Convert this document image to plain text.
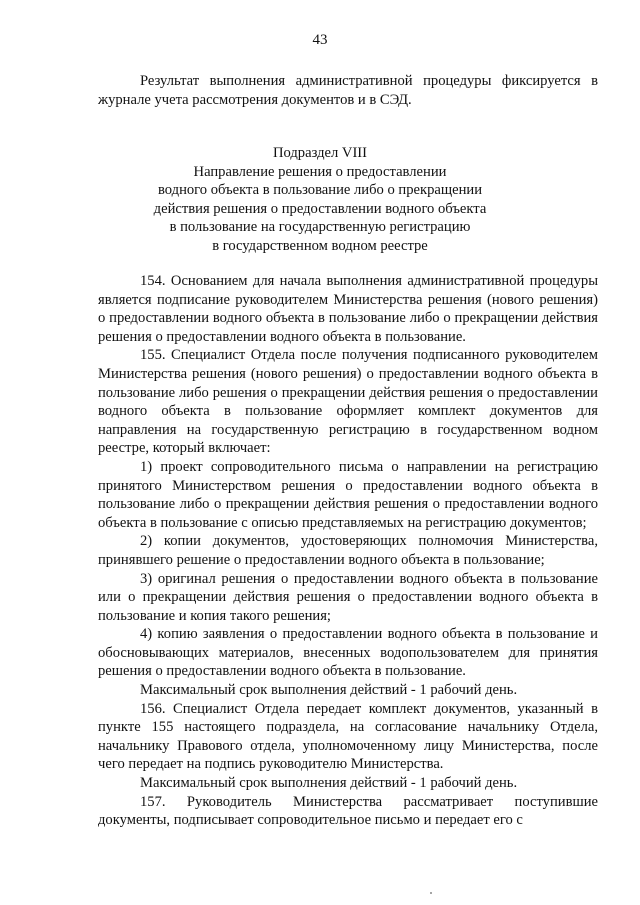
43

Результат выполнения административной процедуры фиксируется в журнале учета рассмотрения документов и в СЭД.

Подраздел VIII
Направление решения о предоставлении
водного объекта в пользование либо о прекращении
действия решения о предоставлении водного объекта
в пользование на государственную регистрацию
в государственном водном реестре

154. Основанием для начала выполнения административной процедуры является подписание руководителем Министерства решения (нового решения) о предоставлении водного объекта в пользование либо о прекращении действия решения о предоставлении водного объекта в пользование.

155. Специалист Отдела после получения подписанного руководителем Министерства решения (нового решения) о предоставлении водного объекта в пользование либо решения о прекращении действия решения о предоставлении водного объекта в пользование оформляет комплект документов для направления на государственную регистрацию в государственном водном реестре, который включает:

1) проект сопроводительного письма о направлении на регистрацию принятого Министерством решения о предоставлении водного объекта в пользование либо о прекращении действия решения о предоставлении водного объекта в пользование с описью представляемых на регистрацию документов;

2) копии документов, удостоверяющих полномочия Министерства, принявшего решение о предоставлении водного объекта в пользование;

3) оригинал решения о предоставлении водного объекта в пользование или о прекращении действия решения о предоставлении водного объекта в пользование и копия такого решения;

4) копию заявления о предоставлении водного объекта в пользование и обосновывающих материалов, внесенных водопользователем для принятия решения о предоставлении водного объекта в пользование.

Максимальный срок выполнения действий - 1 рабочий день.

156. Специалист Отдела передает комплект документов, указанный в пункте 155 настоящего подраздела, на согласование начальнику Отдела, начальнику Правового отдела, уполномоченному лицу Министерства, после чего передает на подпись руководителю Министерства.

Максимальный срок выполнения действий - 1 рабочий день.

157. Руководитель Министерства рассматривает поступившие документы, подписывает сопроводительное письмо и передает его с
